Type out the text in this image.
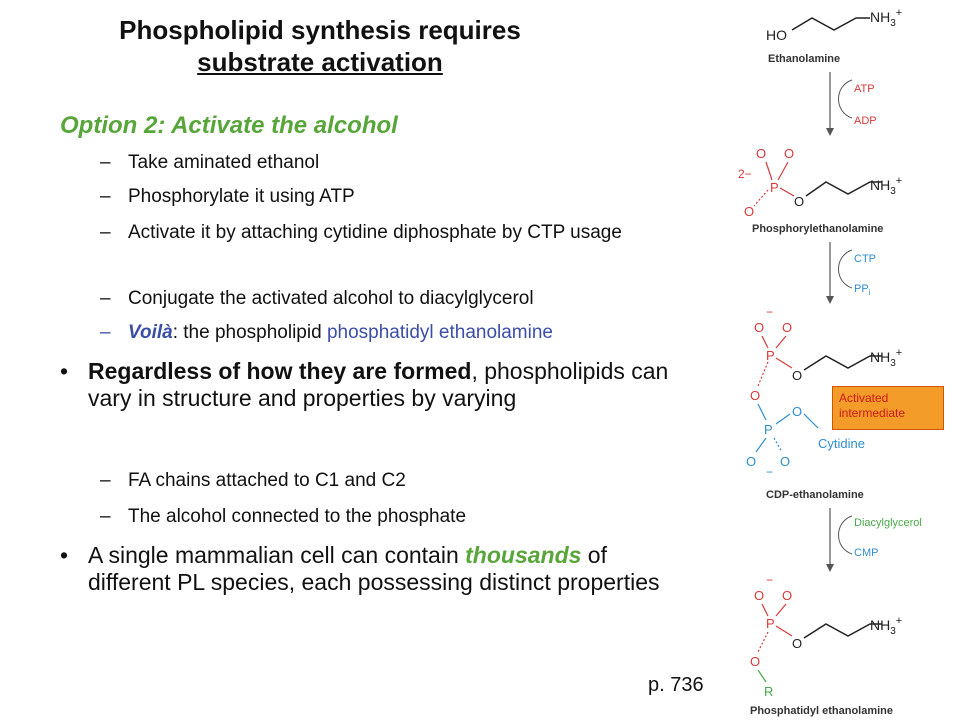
Phospholipid synthesis requires
substrate activation
Option 2: Activate the alcohol
– Take aminated ethanol
– Phosphorylate it using ATP
– Activate it by attaching cytidine diphosphate by CTP usage
– Conjugate the activated alcohol to diacylglycerol
– Voilà: the phospholipid phosphatidyl ethanolamine
• Regardless of how they are formed, phospholipids can vary in structure and properties by varying
– FA chains attached to C1 and C2
– The alcohol connected to the phosphate
• A single mammalian cell can contain thousands of different PL species, each possessing distinct properties
p. 736
HO
$NH_3^+$
Ethanolamine
ATP
ADP
2−
O O
P
O
O
$NH_3^+$
Phosphorylethanolamine
CTP
$PP_i$
−
O O
P
O
$NH_3^+$
O
P
O
Cytidine
O O
−
CDP-ethanolamine
Diacylglycerol
CMP
−
O O
P
O
$NH_3^+$
O
R
Phosphatidyl ethanolamine
Activated intermediate
